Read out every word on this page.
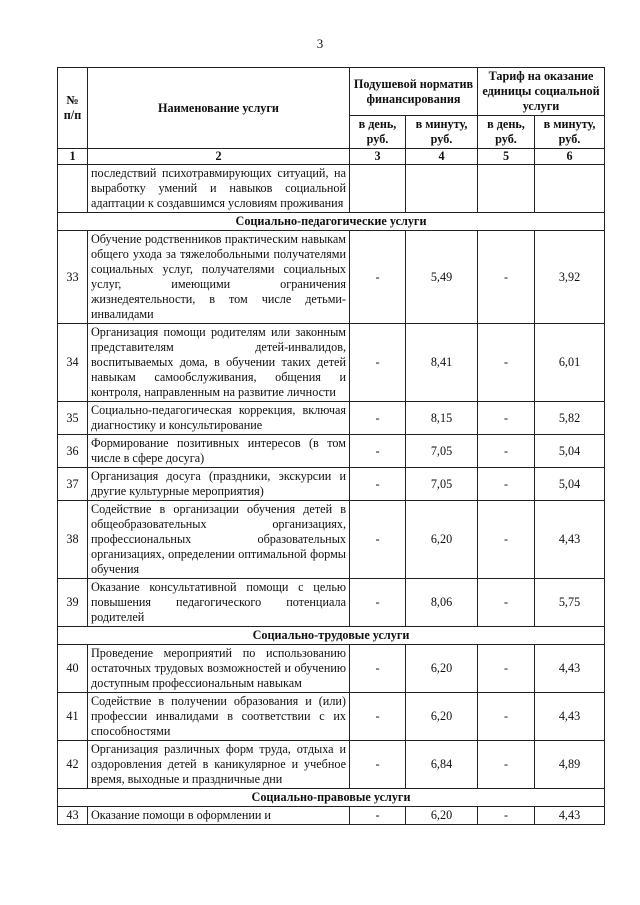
3
№ п/п	Наименование услуги	Подушевой норматив финансирования		Тариф на оказание единицы социальной услуги	
		в день, руб.	в минуту, руб.	в день, руб.	в минуту, руб.
1	2	3	4	5	6
	последствий психотравмирующих ситуаций, на выработку умений и навыков социальной адаптации к создавшимся условиям проживания				
Социально-педагогические услуги					
33	Обучение родственников практическим навыкам общего ухода за тяжелобольными получателями социальных услуг, получателями социальных услуг, имеющими ограничения жизнедеятельности, в том числе детьми-инвалидами	-	5,49	-	3,92
34	Организация помощи родителям или законным представителям детей-инвалидов, воспитываемых дома, в обучении таких детей навыкам самообслуживания, общения и контроля, направленным на развитие личности	-	8,41	-	6,01
35	Социально-педагогическая коррекция, включая диагностику и консультирование	-	8,15	-	5,82
36	Формирование позитивных интересов (в том числе в сфере досуга)	-	7,05	-	5,04
37	Организация досуга (праздники, экскурсии и другие культурные мероприятия)	-	7,05	-	5,04
38	Содействие в организации обучения детей в общеобразовательных организациях, профессиональных образовательных организациях, определении оптимальной формы обучения	-	6,20	-	4,43
39	Оказание консультативной помощи с целью повышения педагогического потенциала родителей	-	8,06	-	5,75
Социально-трудовые услуги					
40	Проведение мероприятий по использованию остаточных трудовых возможностей и обучению доступным профессиональным навыкам	-	6,20	-	4,43
41	Содействие в получении образования и (или) профессии инвалидами в соответствии с их способностями	-	6,20	-	4,43
42	Организация различных форм труда, отдыха и оздоровления детей в каникулярное и учебное время, выходные и праздничные дни	-	6,84	-	4,89
Социально-правовые услуги					
43	Оказание помощи в оформлении и	-	6,20	-	4,43
